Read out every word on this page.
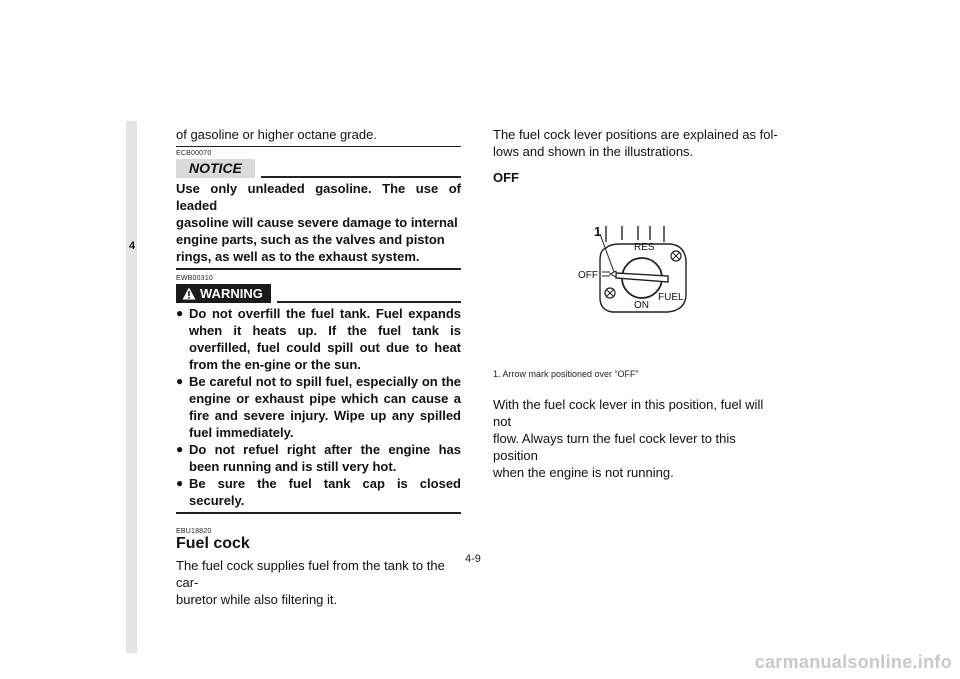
4
of gasoline or higher octane grade.
ECB00070
NOTICE
Use only unleaded gasoline. The use of leaded
gasoline will cause severe damage to internal
engine parts, such as the valves and piston
rings, as well as to the exhaust system.
EWB00310
WARNING
● Do not overfill the fuel tank. Fuel expands when it heats up. If the fuel tank is overfilled, fuel could spill out due to heat from the en-gine or the sun.
● Be careful not to spill fuel, especially on the engine or exhaust pipe which can cause a fire and severe injury. Wipe up any spilled fuel immediately.
● Do not refuel right after the engine has been running and is still very hot.
● Be sure the fuel tank cap is closed securely.
EBU18820
Fuel cock
The fuel cock supplies fuel from the tank to the car-
buretor while also filtering it.
The fuel cock lever positions are explained as fol-
lows and shown in the illustrations.
OFF
1
RES
OFF
FUEL
ON
1. Arrow mark positioned over “OFF”
With the fuel cock lever in this position, fuel will not
flow. Always turn the fuel cock lever to this position
when the engine is not running.
4-9
carmanualsonline.info
